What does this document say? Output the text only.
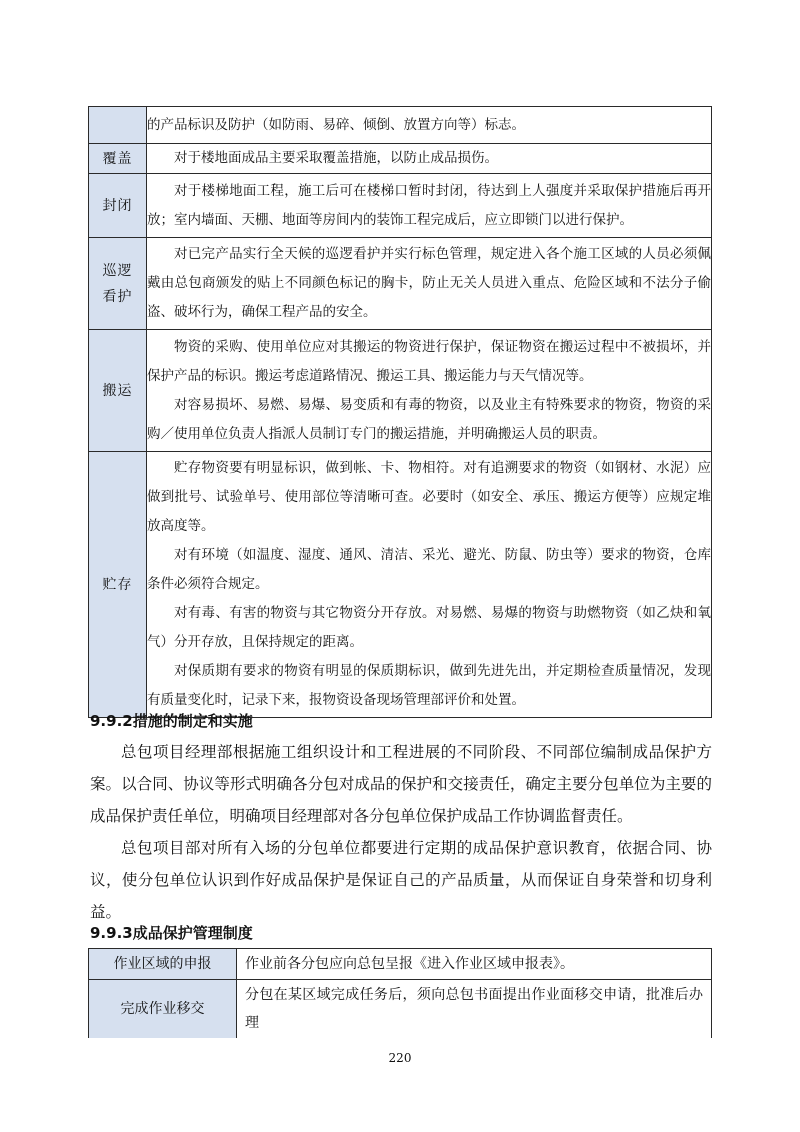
	的产品标识及防护（如防雨、易碎、倾倒、放置方向等）标志。

覆盖	对于楼地面成品主要采取覆盖措施，以防止成品损伤。

封闭	对于楼梯地面工程，施工后可在楼梯口暂时封闭，待达到上人强度并采取保护措施后再开放；室内墙面、天棚、地面等房间内的装饰工程完成后，应立即锁门以进行保护。

巡逻
看护	对已完产品实行全天候的巡逻看护并实行标色管理，规定进入各个施工区域的人员必须佩戴由总包商颁发的贴上不同颜色标记的胸卡，防止无关人员进入重点、危险区域和不法分子偷盗、破坏行为，确保工程产品的安全。

搬运	物资的采购、使用单位应对其搬运的物资进行保护，保证物资在搬运过程中不被损坏，并保护产品的标识。搬运考虑道路情况、搬运工具、搬运能力与天气情况等。

对容易损坏、易燃、易爆、易变质和有毒的物资，以及业主有特殊要求的物资，物资的采购／使用单位负责人指派人员制订专门的搬运措施，并明确搬运人员的职责。

贮存	贮存物资要有明显标识，做到帐、卡、物相符。对有追溯要求的物资（如钢材、水泥）应做到批号、试验单号、使用部位等清晰可查。必要时（如安全、承压、搬运方便等）应规定堆放高度等。

对有环境（如温度、湿度、通风、清洁、采光、避光、防鼠、防虫等）要求的物资，仓库条件必须符合规定。

对有毒、有害的物资与其它物资分开存放。对易燃、易爆的物资与助燃物资（如乙炔和氧气）分开存放，且保持规定的距离。

对保质期有要求的物资有明显的保质期标识，做到先进先出，并定期检查质量情况，发现有质量变化时，记录下来，报物资设备现场管理部评价和处置。

9.9.2措施的制定和实施

总包项目经理部根据施工组织设计和工程进展的不同阶段、不同部位编制成品保护方案。以合同、协议等形式明确各分包对成品的保护和交接责任，确定主要分包单位为主要的成品保护责任单位，明确项目经理部对各分包单位保护成品工作协调监督责任。

总包项目部对所有入场的分包单位都要进行定期的成品保护意识教育，依据合同、协议，使分包单位认识到作好成品保护是保证自己的产品质量，从而保证自身荣誉和切身利益。

9.9.3成品保护管理制度
作业区域的申报	作业前各分包应向总包呈报《进入作业区域申报表》。
完成作业移交	分包在某区域完成任务后，须向总包书面提出作业面移交申请，批准后办理
220
